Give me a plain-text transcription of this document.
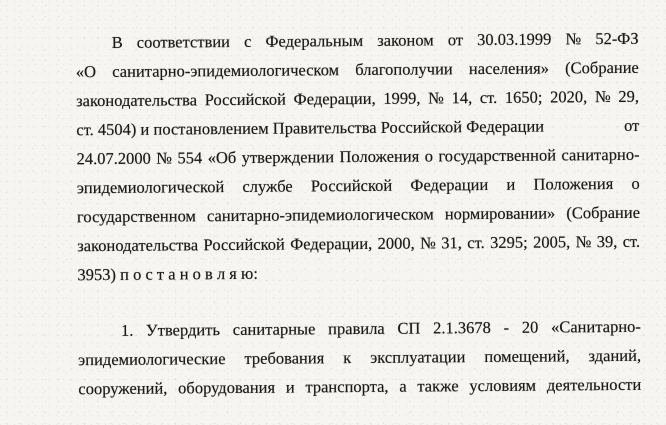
В соответствии с Федеральным законом от 30.03.1999 № 52-ФЗ
«О санитарно-эпидемиологическом благополучии населения» (Собрание
законодательства Российской Федерации, 1999, № 14, ст. 1650; 2020, № 29,
ст. 4504) и постановлением Правительства Российской Федерации	от
24.07.2000 № 554 «Об утверждении Положения о государственной санитарно-
эпидемиологической службе Российской Федерации и Положения о
государственном санитарно-эпидемиологическом нормировании» (Собрание
законодательства Российской Федерации, 2000, № 31, ст. 3295; 2005, № 39, ст.
3953) п о с т а н о в л я ю:
1. Утвердить санитарные правила СП 2.1.3678 - 20 «Санитарно-
эпидемиологические требования к эксплуатации помещений, зданий,
сооружений, оборудования и транспорта, а также условиям деятельности
